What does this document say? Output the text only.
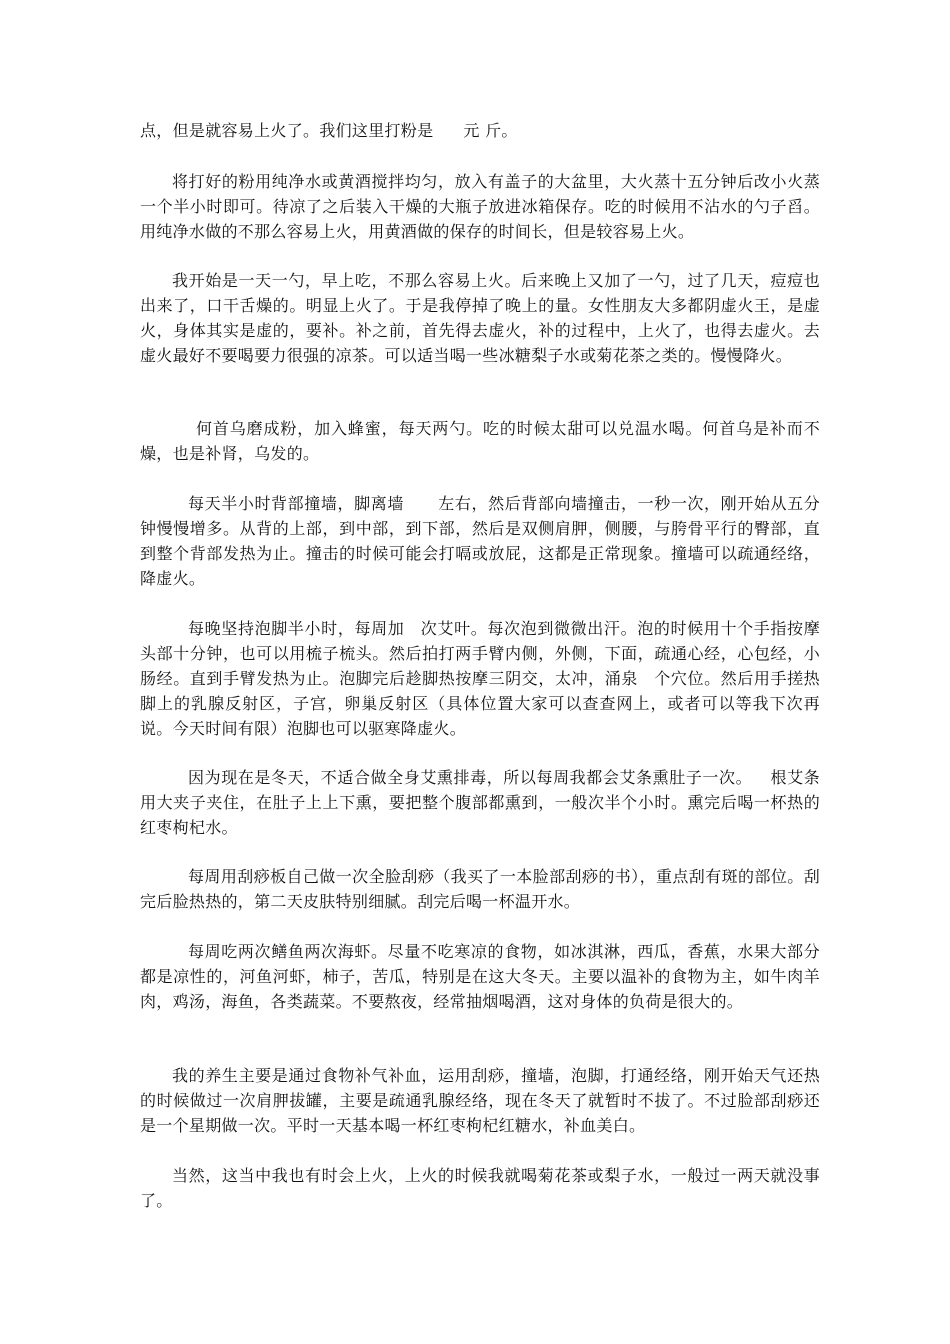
点，但是就容易上火了。我们这里打粉是 元 斤。

将打好的粉用纯净水或黄酒搅拌均匀，放入有盖子的大盆里，大火蒸十五分钟后改小火蒸一个半小时即可。待凉了之后装入干燥的大瓶子放进冰箱保存。吃的时候用不沾水的勺子舀。用纯净水做的不那么容易上火，用黄酒做的保存的时间长，但是较容易上火。

我开始是一天一勺，早上吃，不那么容易上火。后来晚上又加了一勺，过了几天，痘痘也出来了，口干舌燥的。明显上火了。于是我停掉了晚上的量。女性朋友大多都阴虚火王，是虚火，身体其实是虚的，要补。补之前，首先得去虚火，补的过程中，上火了，也得去虚火。去虚火最好不要喝要力很强的凉茶。可以适当喝一些冰糖梨子水或菊花茶之类的。慢慢降火。

何首乌磨成粉，加入蜂蜜，每天两勺。吃的时候太甜可以兑温水喝。何首乌是补而不燥，也是补肾，乌发的。

每天半小时背部撞墙，脚离墙 左右，然后背部向墙撞击，一秒一次，刚开始从五分钟慢慢增多。从背的上部，到中部，到下部，然后是双侧肩胛，侧腰，与胯骨平行的臀部，直到整个背部发热为止。撞击的时候可能会打嗝或放屁，这都是正常现象。撞墙可以疏通经络，降虚火。

每晚坚持泡脚半小时，每周加 次艾叶。每次泡到微微出汗。泡的时候用十个手指按摩头部十分钟，也可以用梳子梳头。然后拍打两手臂内侧，外侧，下面，疏通心经，心包经，小肠经。直到手臂发热为止。泡脚完后趁脚热按摩三阴交，太冲，涌泉 个穴位。然后用手搓热脚上的乳腺反射区，子宫，卵巢反射区（具体位置大家可以查查网上，或者可以等我下次再说。今天时间有限）泡脚也可以驱寒降虚火。

因为现在是冬天，不适合做全身艾熏排毒，所以每周我都会艾条熏肚子一次。 根艾条用大夹子夹住，在肚子上上下熏，要把整个腹部都熏到，一般次半个小时。熏完后喝一杯热的红枣枸杞水。

每周用刮痧板自己做一次全脸刮痧（我买了一本脸部刮痧的书），重点刮有斑的部位。刮完后脸热热的，第二天皮肤特别细腻。刮完后喝一杯温开水。

每周吃两次鳝鱼两次海虾。尽量不吃寒凉的食物，如冰淇淋，西瓜，香蕉，水果大部分都是凉性的，河鱼河虾，柿子，苦瓜，特别是在这大冬天。主要以温补的食物为主，如牛肉羊肉，鸡汤，海鱼，各类蔬菜。不要熬夜，经常抽烟喝酒，这对身体的负荷是很大的。

我的养生主要是通过食物补气补血，运用刮痧，撞墙，泡脚，打通经络，刚开始天气还热的时候做过一次肩胛拔罐，主要是疏通乳腺经络，现在冬天了就暂时不拔了。不过脸部刮痧还是一个星期做一次。平时一天基本喝一杯红枣枸杞红糖水，补血美白。

当然，这当中我也有时会上火，上火的时候我就喝菊花茶或梨子水，一般过一两天就没事了。
